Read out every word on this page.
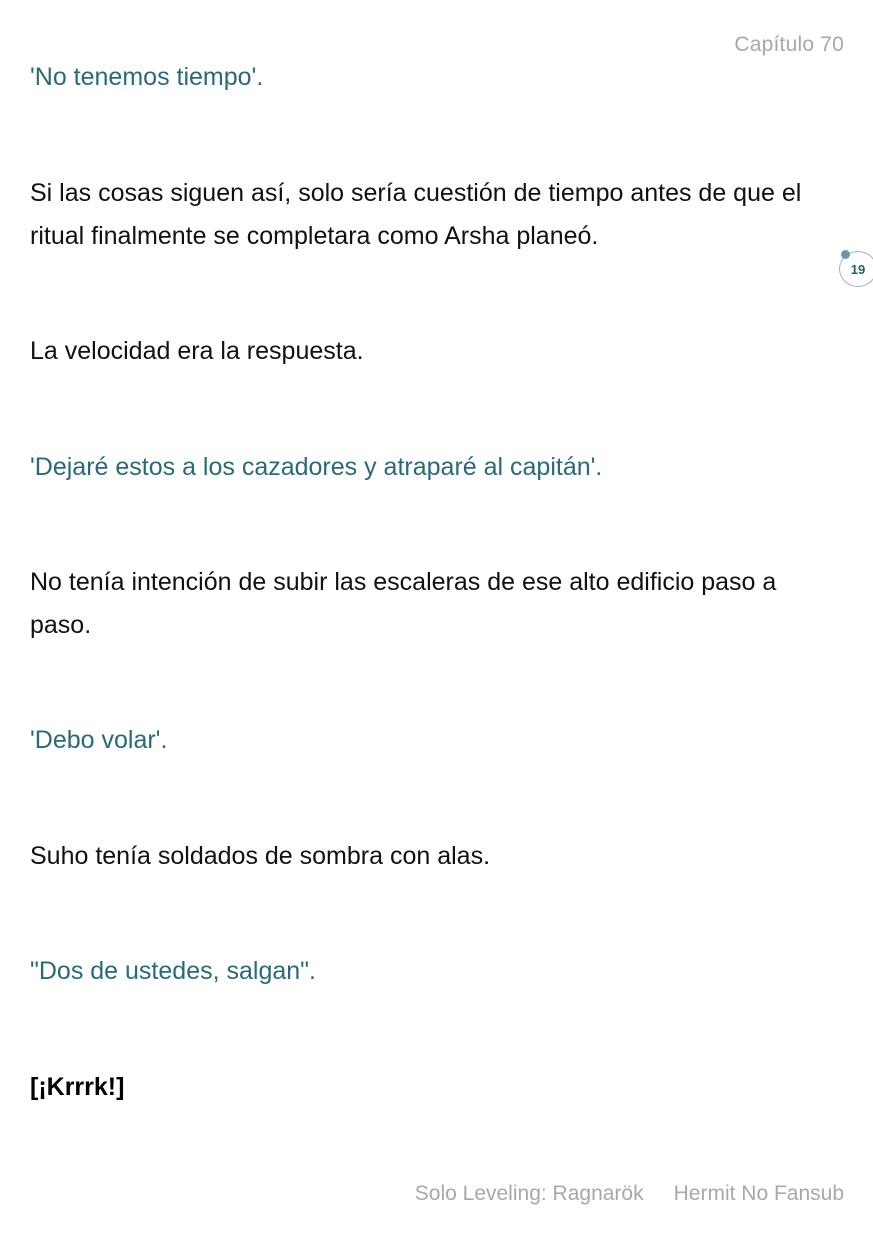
Capítulo 70
19

'No tenemos tiempo'.

Si las cosas siguen así, solo sería cuestión de tiempo antes de que el ritual finalmente se completara como Arsha planeó.

La velocidad era la respuesta.

'Dejaré estos a los cazadores y atraparé al capitán'.

No tenía intención de subir las escaleras de ese alto edificio paso a paso.

'Debo volar'.

Suho tenía soldados de sombra con alas.

"Dos de ustedes, salgan".

[¡Krrrk!]

Solo Leveling: Ragnarök Hermit No Fansub
